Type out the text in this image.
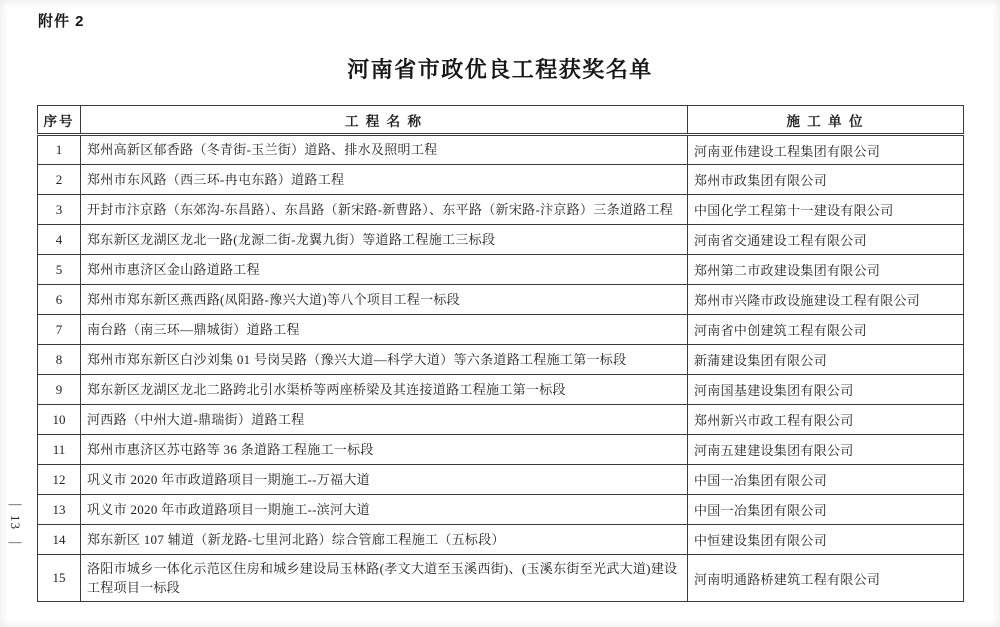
附件 2
河南省市政优良工程获奖名单
序号	工 程 名 称	施 工 单 位
1	郑州高新区郁香路（冬青街-玉兰街）道路、排水及照明工程	河南亚伟建设工程集团有限公司
2	郑州市东风路（西三环-冉屯东路）道路工程	郑州市政集团有限公司
3	开封市汴京路（东郊沟-东昌路）、东昌路（新宋路-新曹路）、东平路（新宋路-汴京路）三条道路工程	中国化学工程第十一建设有限公司
4	郑东新区龙湖区龙北一路(龙源二街-龙翼九街）等道路工程施工三标段	河南省交通建设工程有限公司
5	郑州市惠济区金山路道路工程	郑州第二市政建设集团有限公司
6	郑州市郑东新区燕西路(凤阳路-豫兴大道)等八个项目工程一标段	郑州市兴隆市政设施建设工程有限公司
7	南台路（南三环—鼎城街）道路工程	河南省中创建筑工程有限公司
8	郑州市郑东新区白沙刘集 01 号岗吴路（豫兴大道—科学大道）等六条道路工程施工第一标段	新蒲建设集团有限公司
9	郑东新区龙湖区龙北二路跨北引水渠桥等两座桥梁及其连接道路工程施工第一标段	河南国基建设集团有限公司
10	河西路（中州大道-鼎瑞街）道路工程	郑州新兴市政工程有限公司
11	郑州市惠济区苏屯路等 36 条道路工程施工一标段	河南五建建设集团有限公司
12	巩义市 2020 年市政道路项目一期施工--万福大道	中国一冶集团有限公司
13	巩义市 2020 年市政道路项目一期施工--滨河大道	中国一冶集团有限公司
14	郑东新区 107 辅道（新龙路-七里河北路）综合管廊工程施工（五标段）	中恒建设集团有限公司
15	洛阳市城乡一体化示范区住房和城乡建设局玉林路(孝文大道至玉溪西街)、(玉溪东街至光武大道)建设工程项目一标段	河南明通路桥建筑工程有限公司
—
13
—
